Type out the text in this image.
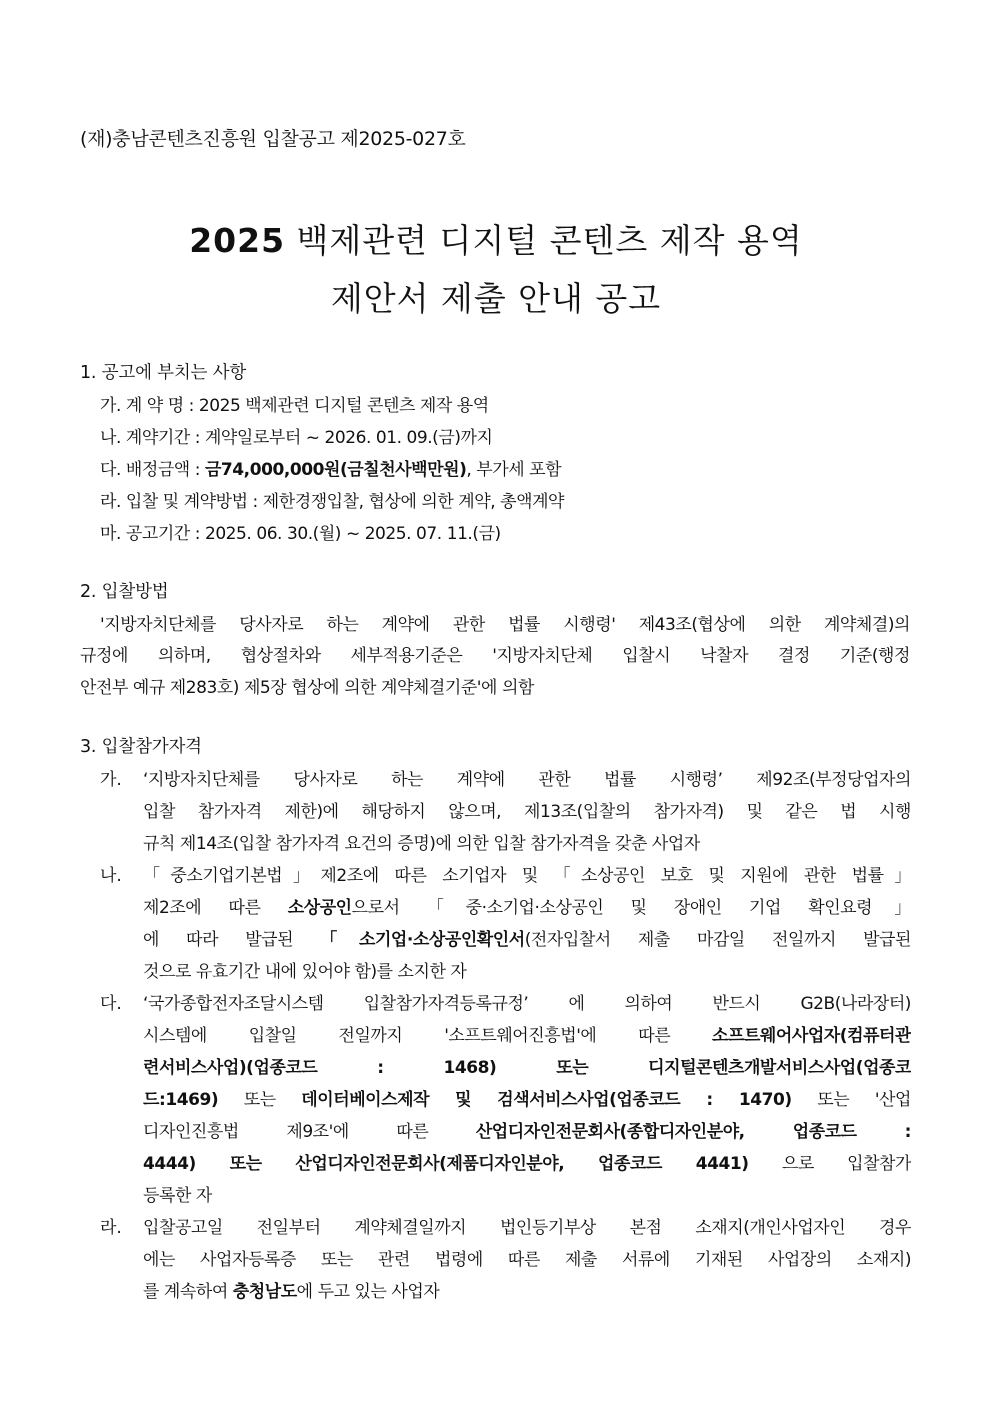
(재)충남콘텐츠진흥원 입찰공고 제2025-027호
2025 백제관련 디지털 콘텐츠 제작 용역
제안서 제출 안내 공고
1. 공고에 부치는 사항
가. 계 약 명 : 2025 백제관련 디지털 콘텐츠 제작 용역
나. 계약기간 : 계약일로부터 ~ 2026. 01. 09.(금)까지
다. 배정금액 : 금74,000,000원(금칠천사백만원), 부가세 포함
라. 입찰 및 계약방법 : 제한경쟁입찰, 협상에 의한 계약, 총액계약
마. 공고기간 : 2025. 06. 30.(월) ~ 2025. 07. 11.(금)
2. 입찰방법
'지방자치단체를 당사자로 하는 계약에 관한 법률 시행령' 제43조(협상에 의한 계약체결)의
규정에 의하며, 협상절차와 세부적용기준은 '지방자치단체 입찰시 낙찰자 결정 기준(행정
안전부 예규 제283호) 제5장 협상에 의한 계약체결기준'에 의함
3. 입찰참가자격
가. ‘지방자치단체를 당사자로 하는 계약에 관한 법률 시행령’ 제92조(부정당업자의
입찰 참가자격 제한)에 해당하지 않으며, 제13조(입찰의 참가자격) 및 같은 법 시행
규칙 제14조(입찰 참가자격 요건의 증명)에 의한 입찰 참가자격을 갖춘 사업자
나. 「중소기업기본법」제2조에 따른 소기업자 및 「소상공인 보호 및 지원에 관한 법률」
제2조에 따른 소상공인으로서 「중·소기업·소상공인 및 장애인 기업 확인요령」
에 따라 발급된 「소기업·소상공인확인서(전자입찰서 제출 마감일 전일까지 발급된
것으로 유효기간 내에 있어야 함)를 소지한 자
다. ‘국가종합전자조달시스템 입찰참가자격등록규정’ 에 의하여 반드시 G2B(나라장터)
시스템에 입찰일 전일까지 '소프트웨어진흥법'에 따른 소프트웨어사업자(컴퓨터관
련서비스사업)(업종코드 : 1468) 또는 디지털콘텐츠개발서비스사업(업종코
드:1469) 또는 데이터베이스제작 및 검색서비스사업(업종코드 : 1470) 또는 '산업
디자인진흥법 제9조'에 따른 산업디자인전문회사(종합디자인분야, 업종코드 :
4444) 또는 산업디자인전문회사(제품디자인분야, 업종코드 4441) 으로 입찰참가
등록한 자
라. 입찰공고일 전일부터 계약체결일까지 법인등기부상 본점 소재지(개인사업자인 경우
에는 사업자등록증 또는 관련 법령에 따른 제출 서류에 기재된 사업장의 소재지)
를 계속하여 충청남도에 두고 있는 사업자
